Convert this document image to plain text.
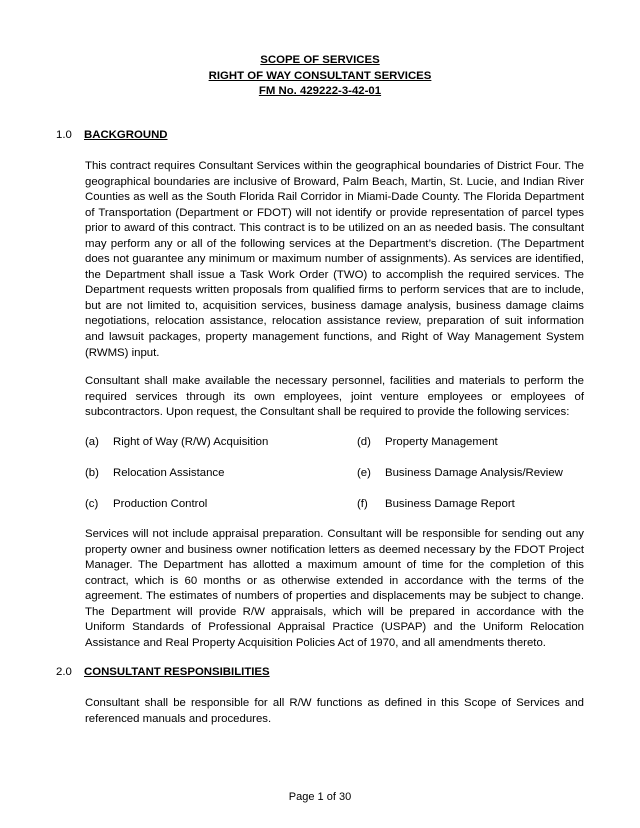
SCOPE OF SERVICES
RIGHT OF WAY CONSULTANT SERVICES
FM No. 429222-3-42-01
1.0 BACKGROUND

This contract requires Consultant Services within the geographical boundaries of District Four. The geographical boundaries are inclusive of Broward, Palm Beach, Martin, St. Lucie, and Indian River Counties as well as the South Florida Rail Corridor in Miami-Dade County. The Florida Department of Transportation (Department or FDOT) will not identify or provide representation of parcel types prior to award of this contract. This contract is to be utilized on an as needed basis. The consultant may perform any or all of the following services at the Department’s discretion. (The Department does not guarantee any minimum or maximum number of assignments). As services are identified, the Department shall issue a Task Work Order (TWO) to accomplish the required services. The Department requests written proposals from qualified firms to perform services that are to include, but are not limited to, acquisition services, business damage analysis, business damage claims negotiations, relocation assistance, relocation assistance review, preparation of suit information and lawsuit packages, property management functions, and Right of Way Management System (RWMS) input.

Consultant shall make available the necessary personnel, facilities and materials to perform the required services through its own employees, joint venture employees or employees of subcontractors. Upon request, the Consultant shall be required to provide the following services:

(a) Right of Way (R/W) Acquisition	(d) Property Management
(b) Relocation Assistance	(e) Business Damage Analysis/Review
(c) Production Control	(f) Business Damage Report

Services will not include appraisal preparation. Consultant will be responsible for sending out any property owner and business owner notification letters as deemed necessary by the FDOT Project Manager. The Department has allotted a maximum amount of time for the completion of this contract, which is 60 months or as otherwise extended in accordance with the terms of the agreement. The estimates of numbers of properties and displacements may be subject to change. The Department will provide R/W appraisals, which will be prepared in accordance with the Uniform Standards of Professional Appraisal Practice (USPAP) and the Uniform Relocation Assistance and Real Property Acquisition Policies Act of 1970, and all amendments thereto.

2.0 CONSULTANT RESPONSIBILITIES

Consultant shall be responsible for all R/W functions as defined in this Scope of Services and referenced manuals and procedures.

Page 1 of 30
